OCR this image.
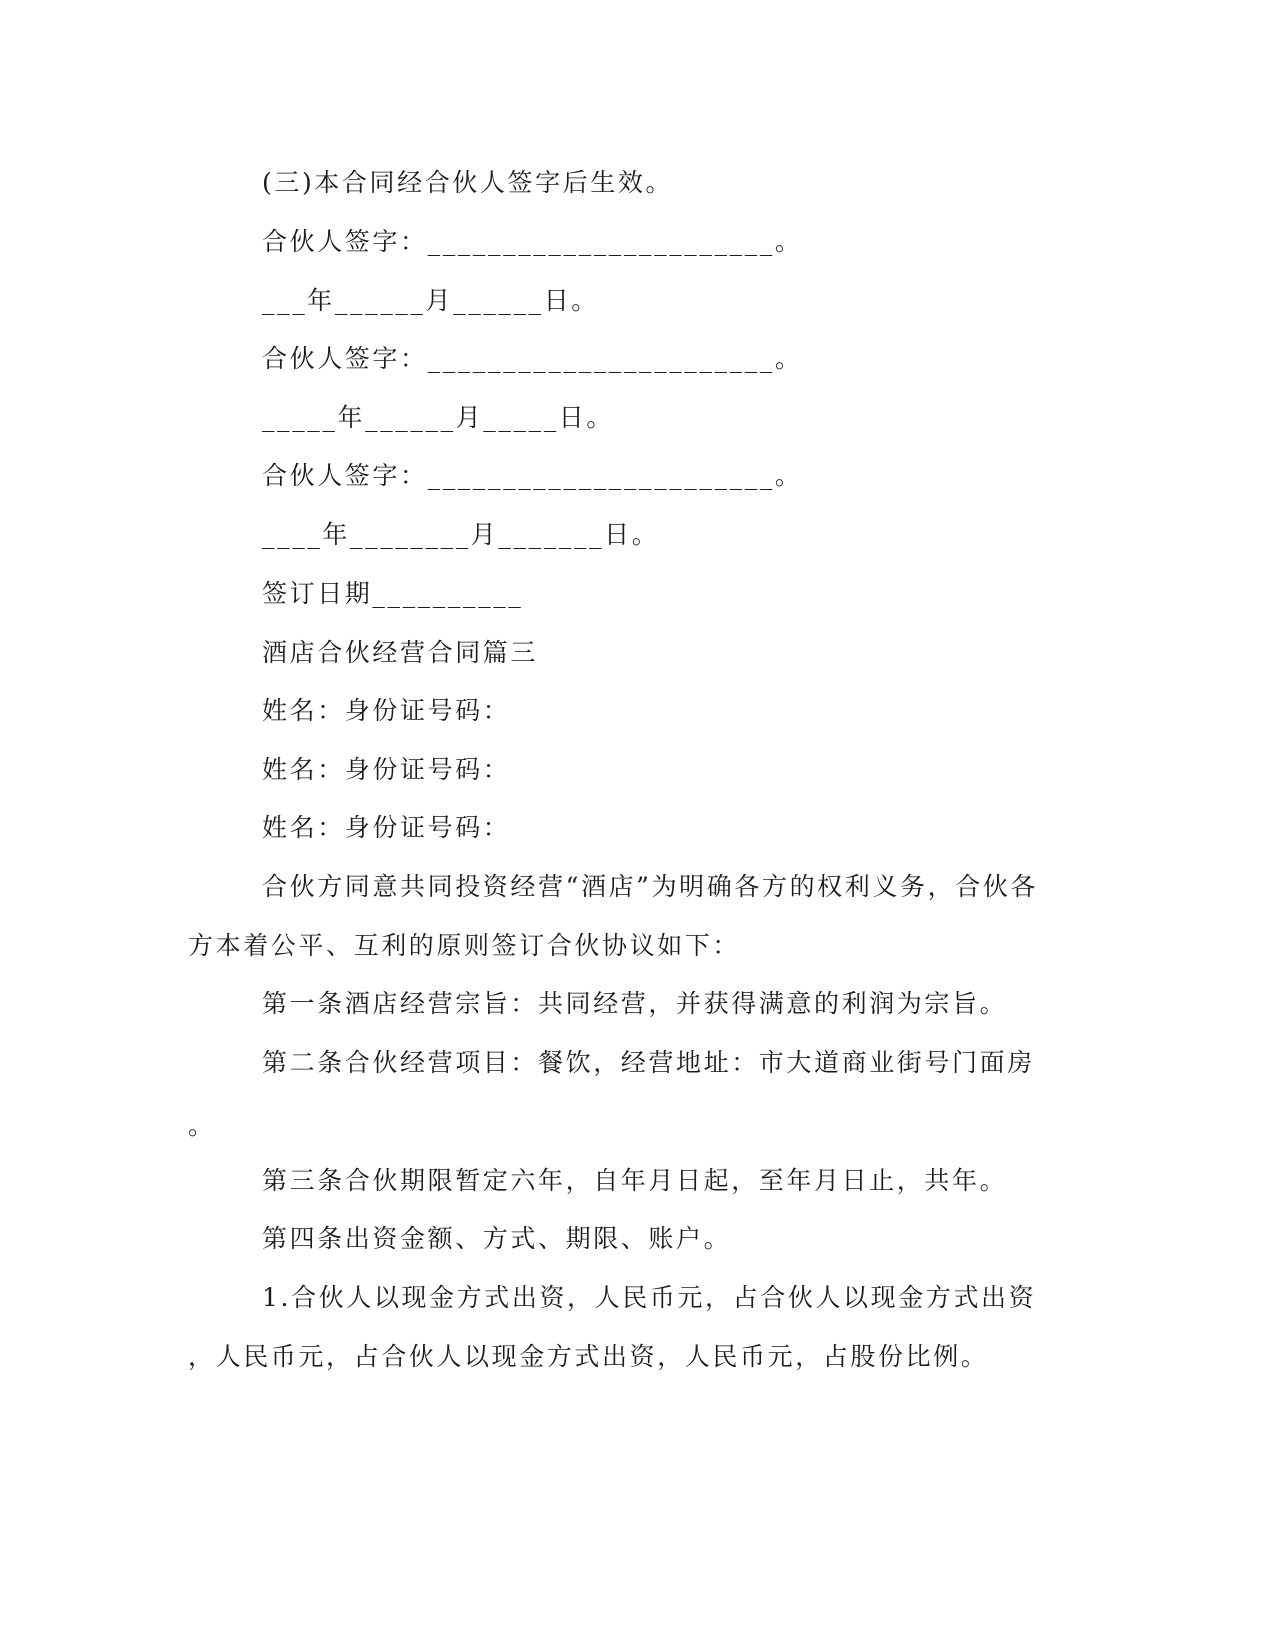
(三)本合同经合伙人签字后生效。
合伙人签字：_______________________。
___年______月______日。
合伙人签字：_______________________。
_____年______月_____日。
合伙人签字：_______________________。
____年________月_______日。
签订日期__________
酒店合伙经营合同篇三
姓名：身份证号码：
姓名：身份证号码：
姓名：身份证号码：
合伙方同意共同投资经营“酒店”为明确各方的权利义务，合伙各
方本着公平、互利的原则签订合伙协议如下：
第一条酒店经营宗旨：共同经营，并获得满意的利润为宗旨。
第二条合伙经营项目：餐饮，经营地址：市大道商业街号门面房
。
第三条合伙期限暂定六年，自年月日起，至年月日止，共年。
第四条出资金额、方式、期限、账户。
1.合伙人以现金方式出资，人民币元，占合伙人以现金方式出资
，人民币元，占合伙人以现金方式出资，人民币元，占股份比例。
